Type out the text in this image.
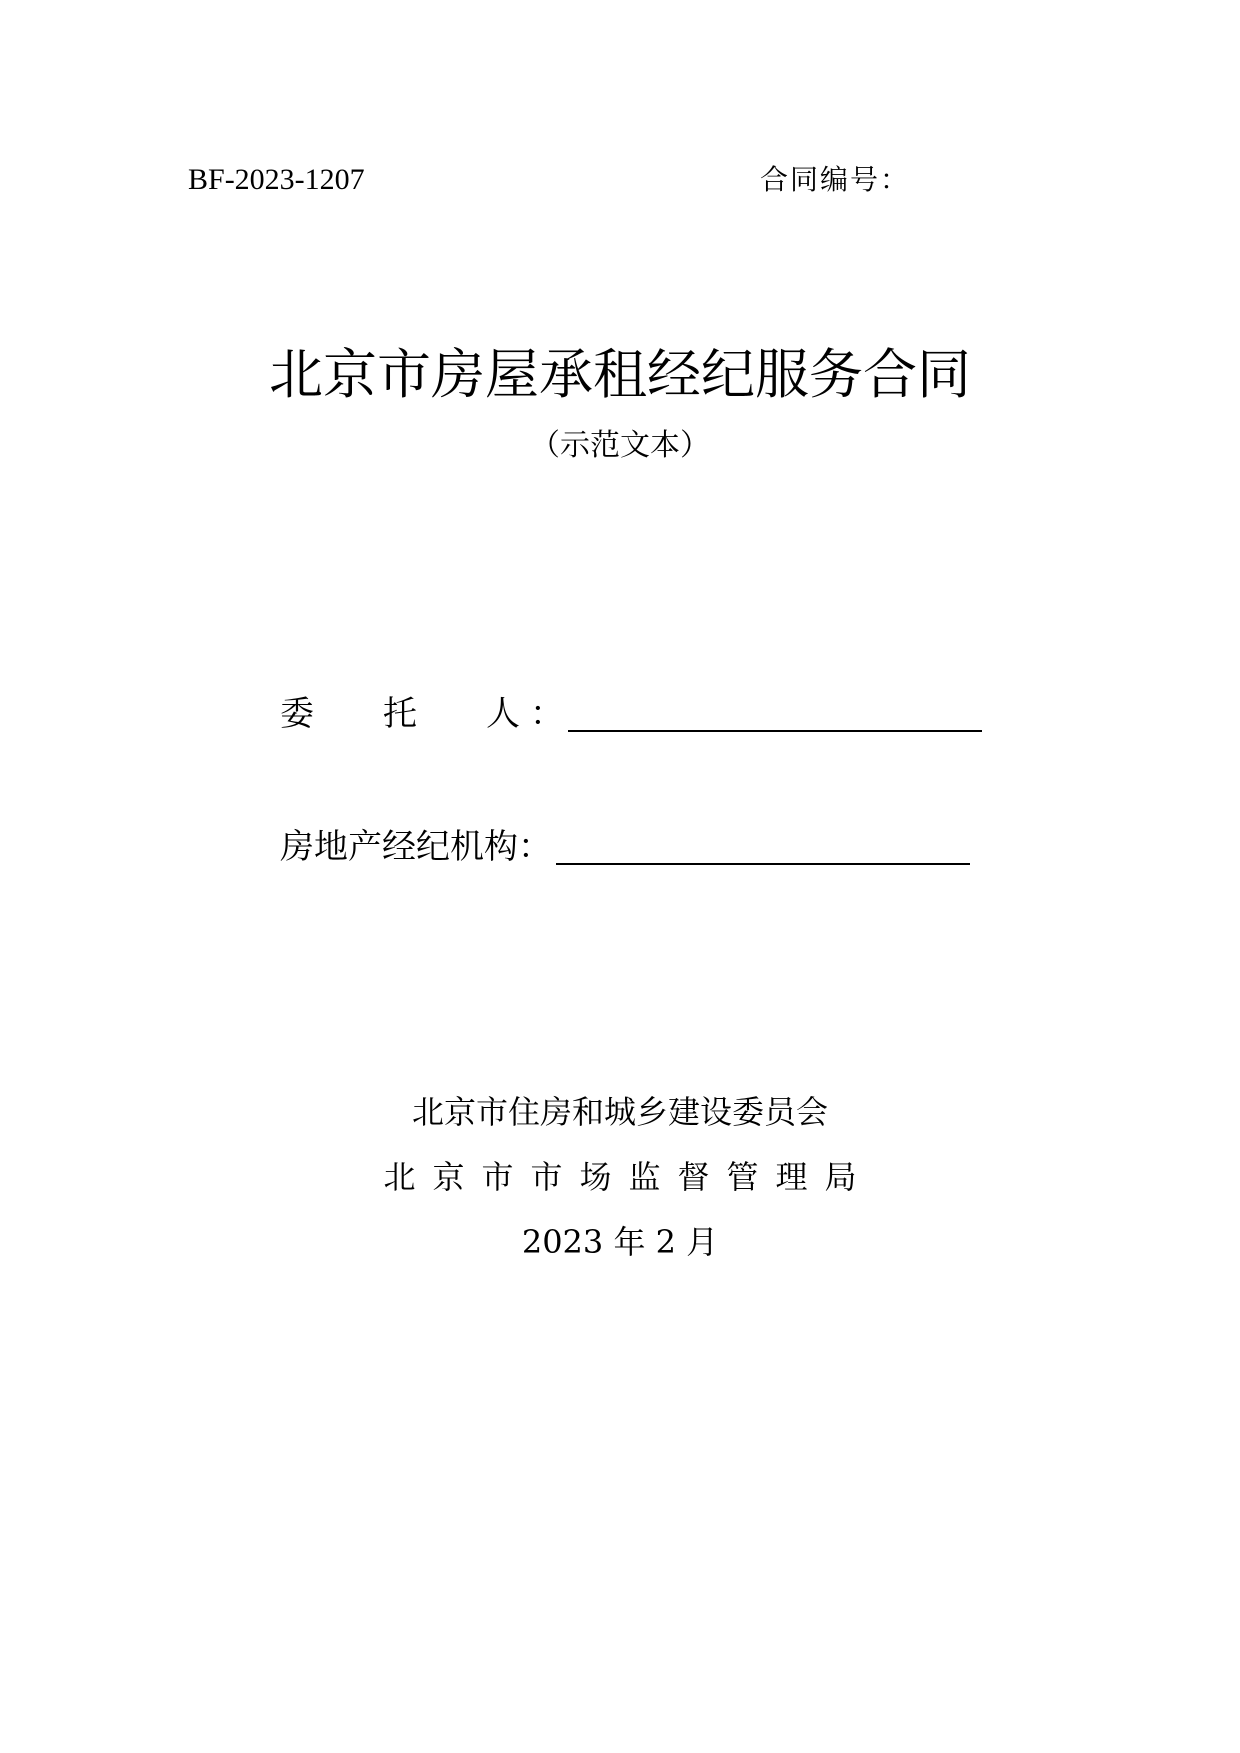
BF-2023-1207	合同编号：
北京市房屋承租经纪服务合同
（示范文本）
委 托 人 ：
房地产经纪机构 ：
北京市住房和城乡建设委员会
北京市市场监督管理局
2023 年 2 月
